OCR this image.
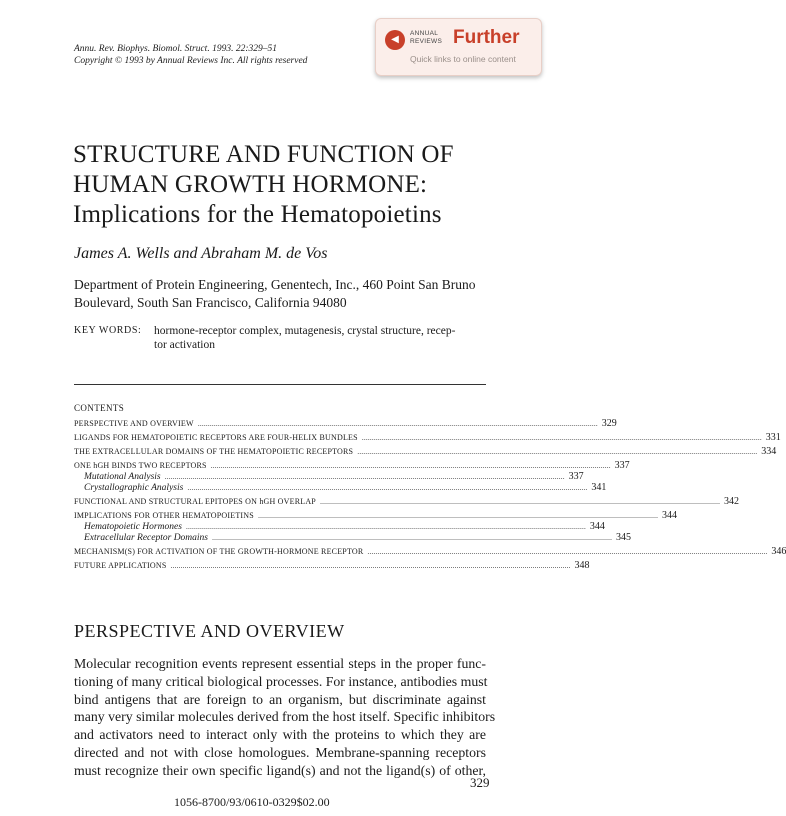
Annu. Rev. Biophys. Biomol. Struct. 1993. 22:329–51
Copyright © 1993 by Annual Reviews Inc. All rights reserved
◀
ANNUAL
REVIEWS Further
Quick links to online content
STRUCTURE AND FUNCTION OF
HUMAN GROWTH HORMONE:
Implications for the Hematopoietins
James A. Wells and Abraham M. de Vos
Department of Protein Engineering, Genentech, Inc., 460 Point San Bruno
Boulevard, South San Francisco, California 94080
KEY WORDS: hormone-receptor complex, mutagenesis, crystal structure, recep-
tor activation
CONTENTS
PERSPECTIVE AND OVERVIEW ........................................................................................................................................................................................................ 329
LIGANDS FOR HEMATOPOIETIC RECEPTORS ARE FOUR-HELIX BUNDLES ........................................................................................................................................................................................................ 331
THE EXTRACELLULAR DOMAINS OF THE HEMATOPOIETIC RECEPTORS ........................................................................................................................................................................................................ 334
ONE hGH BINDS TWO RECEPTORS ........................................................................................................................................................................................................ 337
Mutational Analysis ........................................................................................................................................................................................................ 337
Crystallographic Analysis ........................................................................................................................................................................................................ 341
FUNCTIONAL AND STRUCTURAL EPITOPES ON hGH OVERLAP ........................................................................................................................................................................................................ 342
IMPLICATIONS FOR OTHER HEMATOPOIETINS ........................................................................................................................................................................................................ 344
Hematopoietic Hormones ........................................................................................................................................................................................................ 344
Extracellular Receptor Domains ........................................................................................................................................................................................................ 345
MECHANISM(S) FOR ACTIVATION OF THE GROWTH-HORMONE RECEPTOR ........................................................................................................................................................................................................ 346
FUTURE APPLICATIONS ........................................................................................................................................................................................................ 348
PERSPECTIVE AND OVERVIEW
Molecular recognition events represent essential steps in the proper func-
tioning of many critical biological processes. For instance, antibodies must
bind antigens that are foreign to an organism, but discriminate against
many very similar molecules derived from the host itself. Specific inhibitors
and activators need to interact only with the proteins to which they are
directed and not with close homologues. Membrane-spanning receptors
must recognize their own specific ligand(s) and not the ligand(s) of other,
329
1056-8700/93/0610-0329$02.00
